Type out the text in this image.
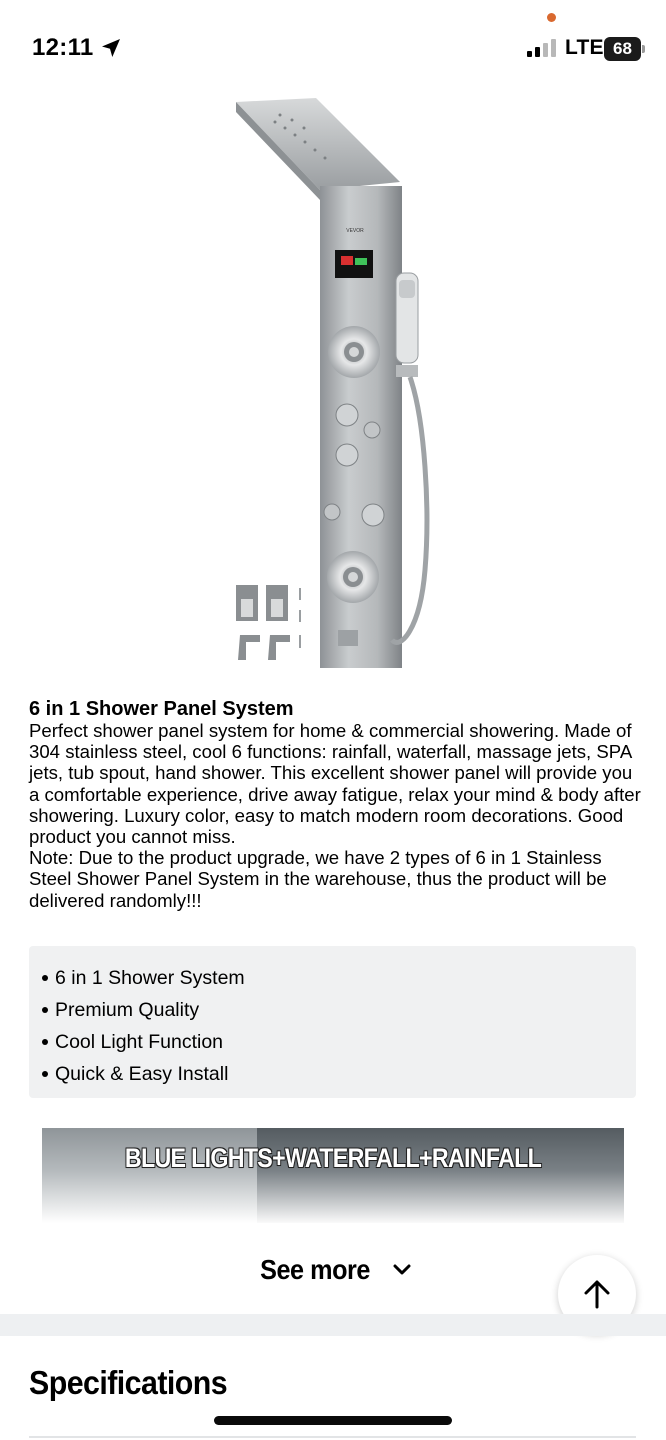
12:11	LTE 68
VEVOR
6 in 1 Shower Panel System
Perfect shower panel system for home & commercial showering. Made of 304 stainless steel, cool 6 functions: rainfall, waterfall, massage jets, SPA jets, tub spout, hand shower. This excellent shower panel will provide you a comfortable experience, drive away fatigue, relax your mind & body after showering. Luxury color, easy to match modern room decorations. Good product you cannot miss.
Note: Due to the product upgrade, we have 2 types of 6 in 1 Stainless Steel Shower Panel System in the warehouse, thus the product will be delivered randomly!!!
6 in 1 Shower System
Premium Quality
Cool Light Function
Quick & Easy Install
BLUE LIGHTS+WATERFALL+RAINFALL
See more
Specifications
